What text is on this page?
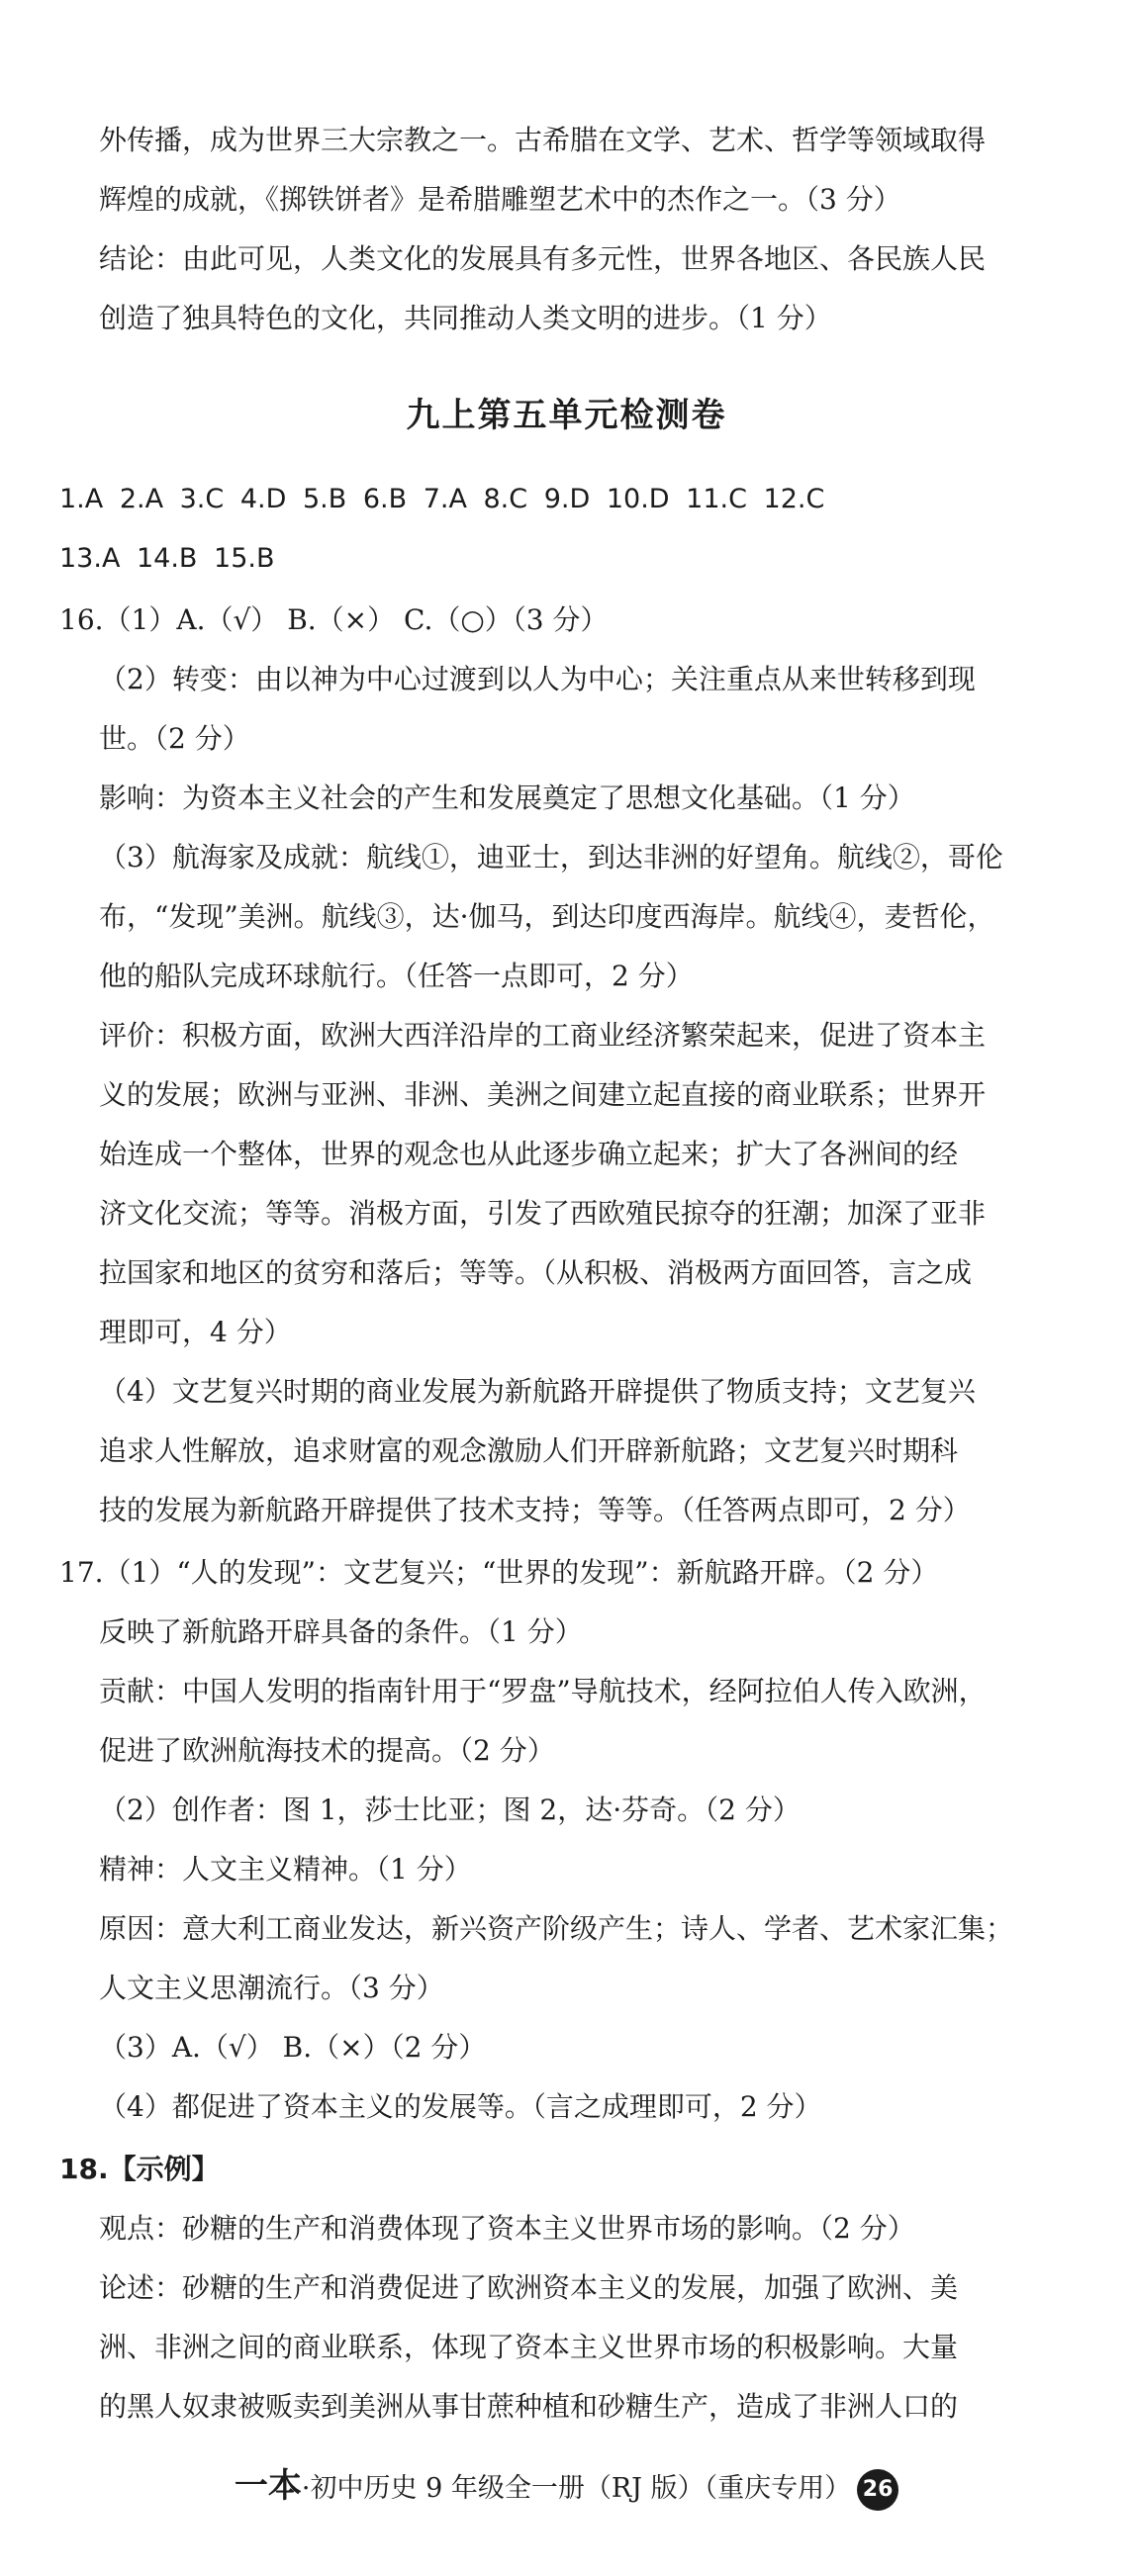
外传播，成为世界三大宗教之一。古希腊在文学、艺术、哲学等领域取得
辉煌的成就，《掷铁饼者》是希腊雕塑艺术中的杰作之一。（3 分）
结论：由此可见，人类文化的发展具有多元性，世界各地区、各民族人民
创造了独具特色的文化，共同推动人类文明的进步。（1 分）
九上第五单元检测卷
1.A 2.A 3.C 4.D 5.B 6.B 7.A 8.C 9.D 10.D 11.C 12.C
13.A 14.B 15.B
16.（1）A.（√） B.（×） C.（○）（3 分）
（2）转变：由以神为中心过渡到以人为中心；关注重点从来世转移到现
世。（2 分）
影响：为资本主义社会的产生和发展奠定了思想文化基础。（1 分）
（3）航海家及成就：航线①，迪亚士，到达非洲的好望角。航线②，哥伦
布，“发现”美洲。航线③，达·伽马，到达印度西海岸。航线④，麦哲伦，
他的船队完成环球航行。（任答一点即可，2 分）
评价：积极方面，欧洲大西洋沿岸的工商业经济繁荣起来，促进了资本主
义的发展；欧洲与亚洲、非洲、美洲之间建立起直接的商业联系；世界开
始连成一个整体，世界的观念也从此逐步确立起来；扩大了各洲间的经
济文化交流；等等。消极方面，引发了西欧殖民掠夺的狂潮；加深了亚非
拉国家和地区的贫穷和落后；等等。（从积极、消极两方面回答，言之成
理即可，4 分）
（4）文艺复兴时期的商业发展为新航路开辟提供了物质支持；文艺复兴
追求人性解放，追求财富的观念激励人们开辟新航路；文艺复兴时期科
技的发展为新航路开辟提供了技术支持；等等。（任答两点即可，2 分）
17.（1）“人的发现”：文艺复兴；“世界的发现”：新航路开辟。（2 分）
反映了新航路开辟具备的条件。（1 分）
贡献：中国人发明的指南针用于“罗盘”导航技术，经阿拉伯人传入欧洲，
促进了欧洲航海技术的提高。（2 分）
（2）创作者：图 1，莎士比亚；图 2，达·芬奇。（2 分）
精神：人文主义精神。（1 分）
原因：意大利工商业发达，新兴资产阶级产生；诗人、学者、艺术家汇集；
人文主义思潮流行。（3 分）
（3）A.（√） B.（×）（2 分）
（4）都促进了资本主义的发展等。（言之成理即可，2 分）
18.【示例】
观点：砂糖的生产和消费体现了资本主义世界市场的影响。（2 分）
论述：砂糖的生产和消费促进了欧洲资本主义的发展，加强了欧洲、美
洲、非洲之间的商业联系，体现了资本主义世界市场的积极影响。大量
的黑人奴隶被贩卖到美洲从事甘蔗种植和砂糖生产，造成了非洲人口的
一本·初中历史 9 年级全一册（RJ 版）（重庆专用） 26
